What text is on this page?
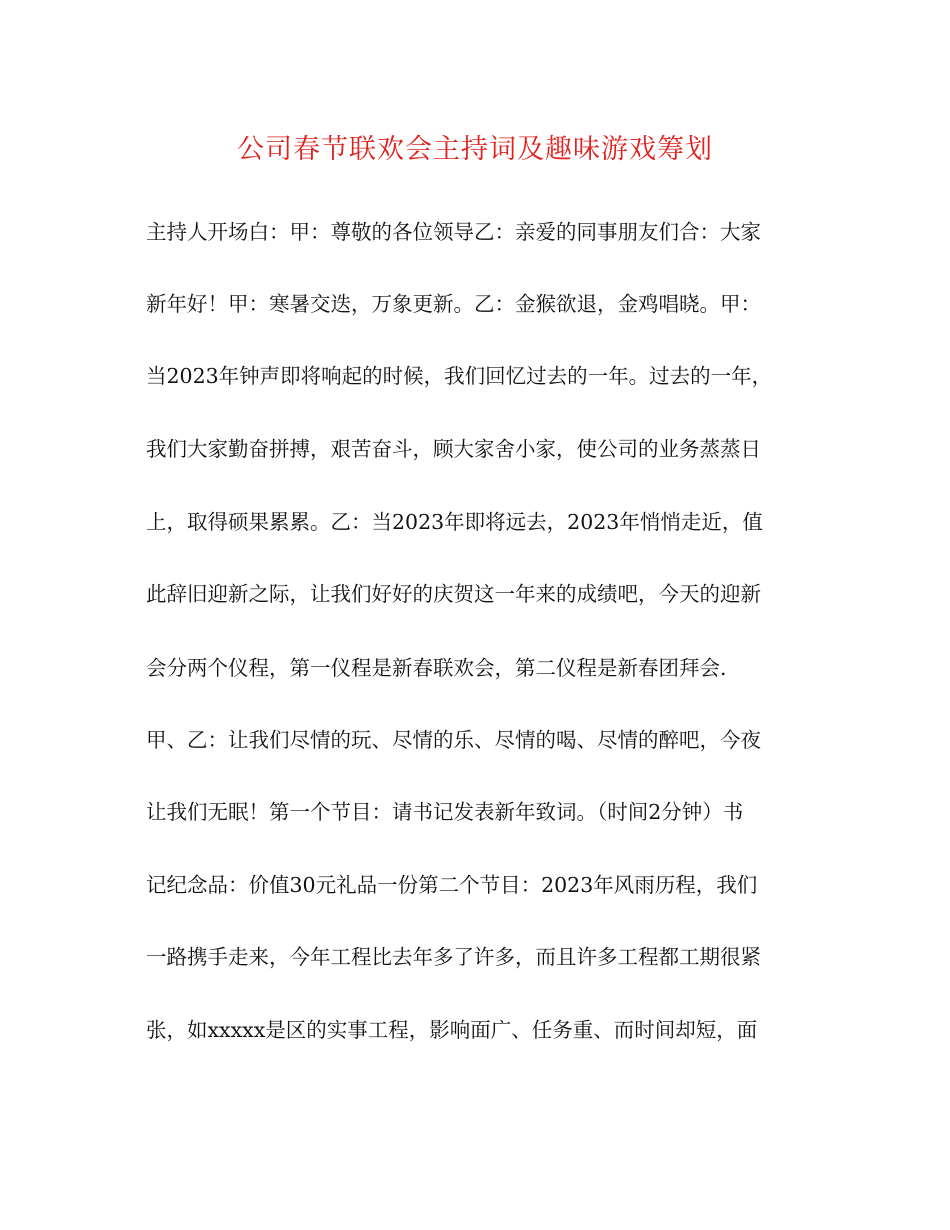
公司春节联欢会主持词及趣味游戏筹划

主持人开场白：甲：尊敬的各位领导乙：亲爱的同事朋友们合：大家

新年好！甲：寒暑交迭，万象更新。乙：金猴欲退，金鸡唱晓。甲：

当2023年钟声即将响起的时候，我们回忆过去的一年。过去的一年，

我们大家勤奋拼搏，艰苦奋斗，顾大家舍小家，使公司的业务蒸蒸日

上，取得硕果累累。乙：当2023年即将远去，2023年悄悄走近，值

此辞旧迎新之际，让我们好好的庆贺这一年来的成绩吧，今天的迎新

会分两个仪程，第一仪程是新春联欢会，第二仪程是新春团拜会.

甲、乙：让我们尽情的玩、尽情的乐、尽情的喝、尽情的醉吧，今夜

让我们无眠！第一个节目：请书记发表新年致词。（时间2分钟）书

记纪念品：价值30元礼品一份第二个节目：2023年风雨历程，我们

一路携手走来，今年工程比去年多了许多，而且许多工程都工期很紧

张，如xxxxx是区的实事工程，影响面广、任务重、而时间却短，面
